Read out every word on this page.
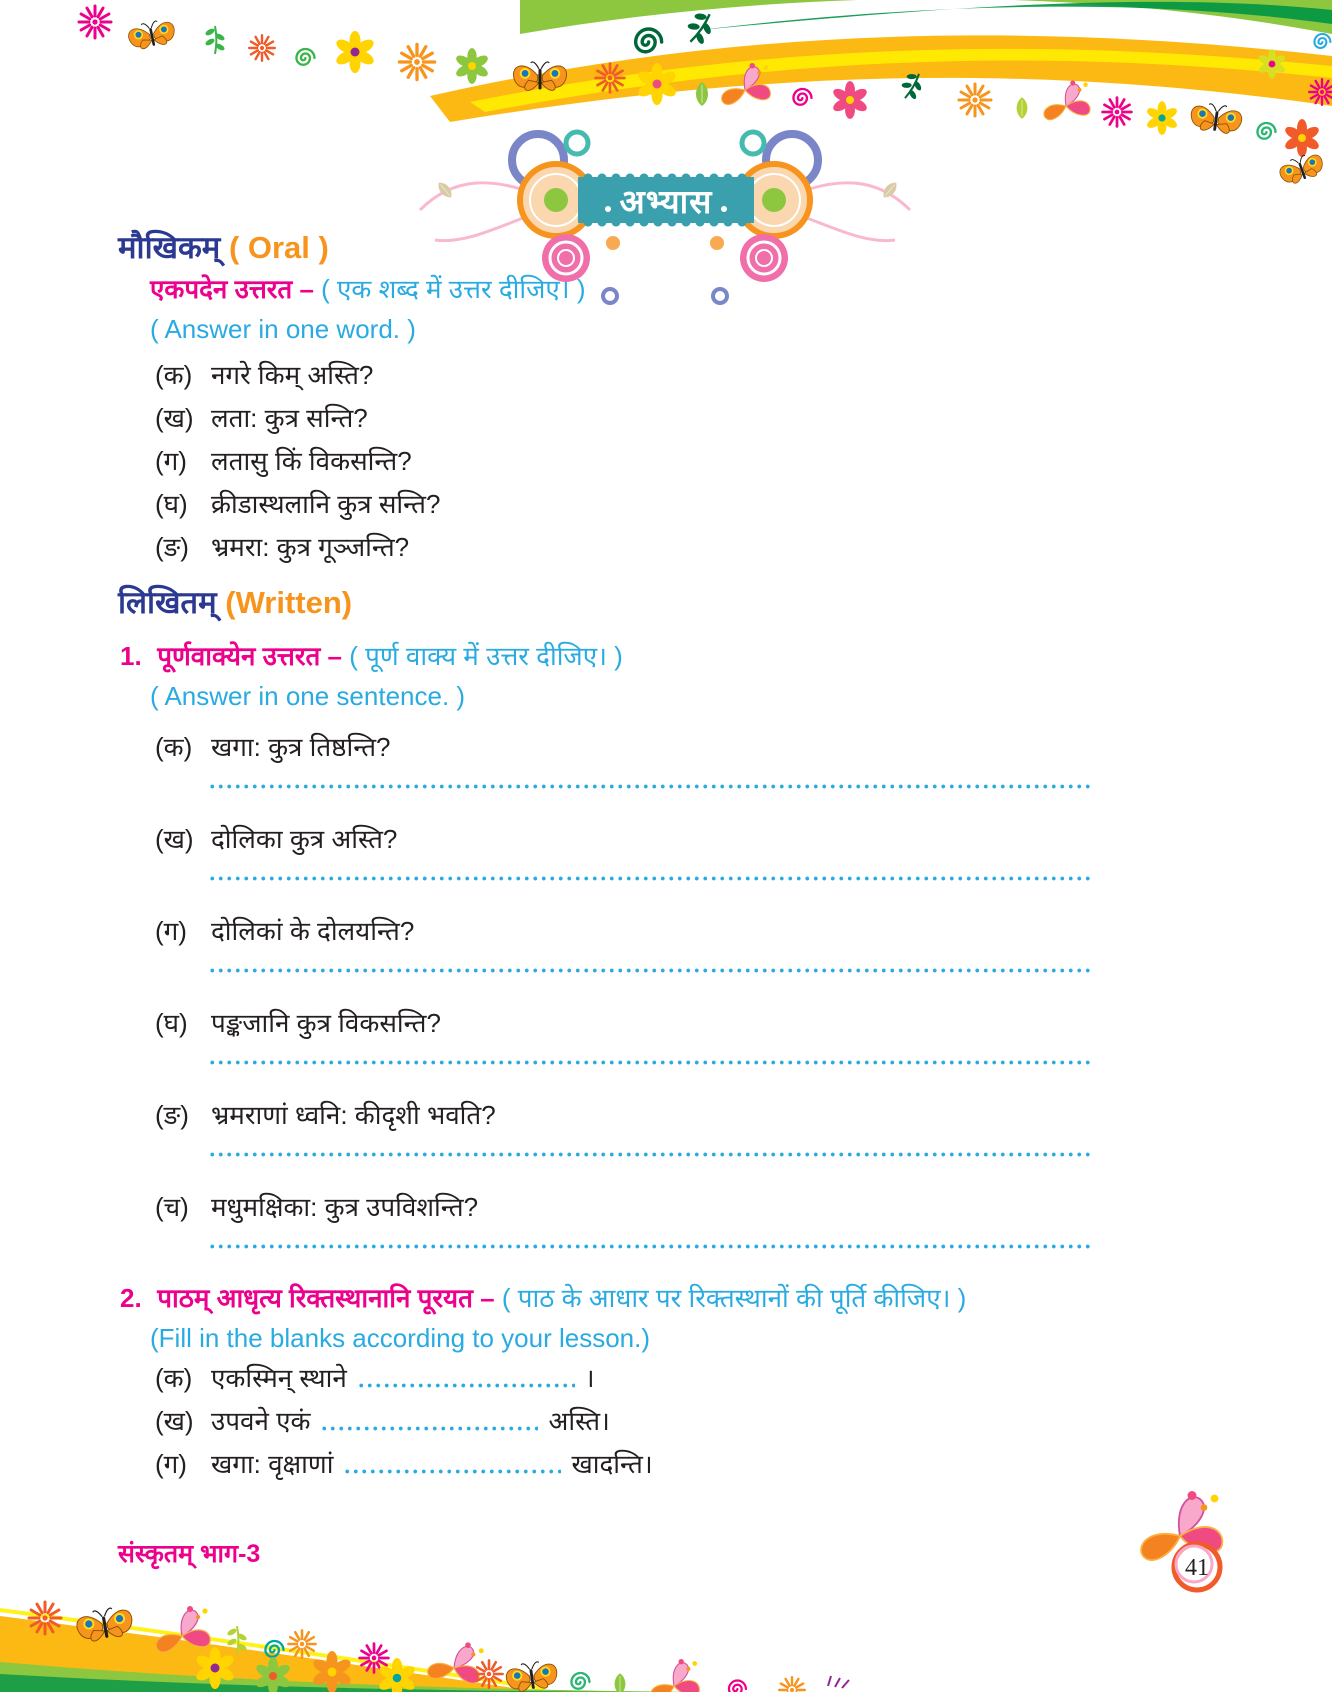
अभ्यास
मौखिकम् ( Oral )

एकपदेन उत्तरत – ( एक शब्द में उत्तर दीजिए। )

( Answer in one word. )

(क) नगरे किम् अस्ति?
(ख) लता: कुत्र सन्ति?
(ग) लतासु किं विकसन्ति?
(घ) क्रीडास्थलानि कुत्र सन्ति?
(ङ) भ्रमरा: कुत्र गूञ्जन्ति?
लिखितम् (Written)

1. पूर्णवाक्येन उत्तरत – ( पूर्ण वाक्य में उत्तर दीजिए। )

( Answer in one sentence. )

(क) खगा: कुत्र तिष्ठन्ति?
(ख) दोलिका कुत्र अस्ति?
(ग) दोलिकां के दोलयन्ति?
(घ) पङ्कजानि कुत्र विकसन्ति?
(ङ) भ्रमराणां ध्वनि: कीदृशी भवति?
(च) मधुमक्षिका: कुत्र उपविशन्ति?

2. पाठम् आधृत्य रिक्तस्थानानि पूरयत – ( पाठ के आधार पर रिक्तस्थानों की पूर्ति कीजिए। )

(Fill in the blanks according to your lesson.)

(क) एकस्मिन् स्थाने	।
(ख) उपवने एकं	अस्ति।
(ग) खगा: वृक्षाणां	खादन्ति।
संस्कृतम् भाग-3	41
